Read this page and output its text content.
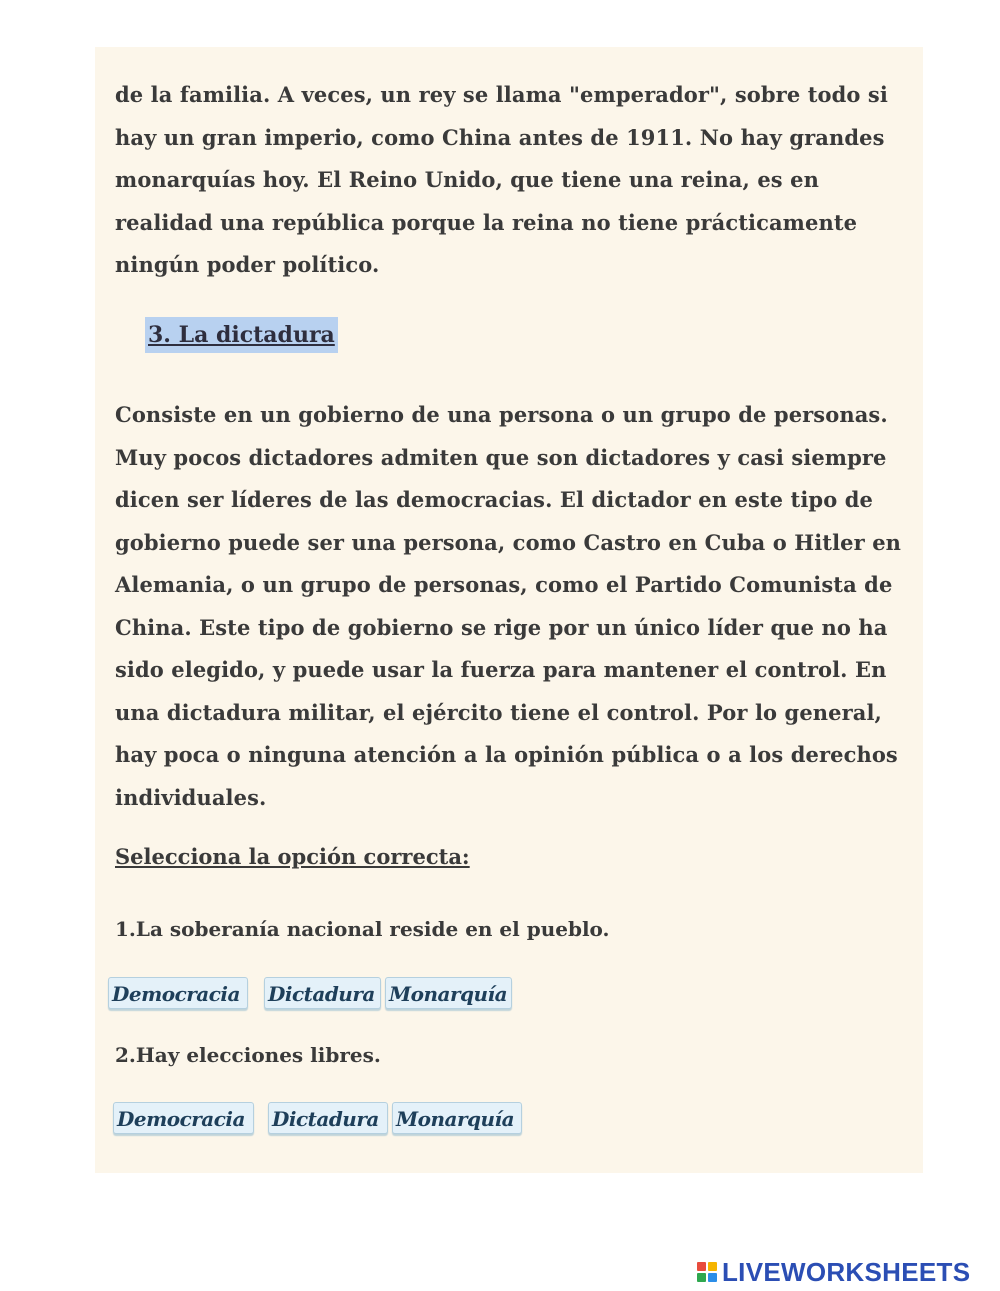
de la familia. A veces, un rey se llama "emperador", sobre todo si hay un gran imperio, como China antes de 1911. No hay grandes monarquías hoy. El Reino Unido, que tiene una reina, es en realidad una república porque la reina no tiene prácticamente ningún poder político.

3. La dictadura

Consiste en un gobierno de una persona o un grupo de personas. Muy pocos dictadores admiten que son dictadores y casi siempre dicen ser líderes de las democracias. El dictador en este tipo de gobierno puede ser una persona, como Castro en Cuba o Hitler en Alemania, o un grupo de personas, como el Partido Comunista de China. Este tipo de gobierno se rige por un único líder que no ha sido elegido, y puede usar la fuerza para mantener el control. En una dictadura militar, el ejército tiene el control. Por lo general, hay poca o ninguna atención a la opinión pública o a los derechos individuales.

Selecciona la opción correcta:

1.La soberanía nacional reside en el pueblo.

Democracia	Dictadura Monarquía

2.Hay elecciones libres.

Democracia	Dictadura Monarquía
LIVEWORKSHEETS
